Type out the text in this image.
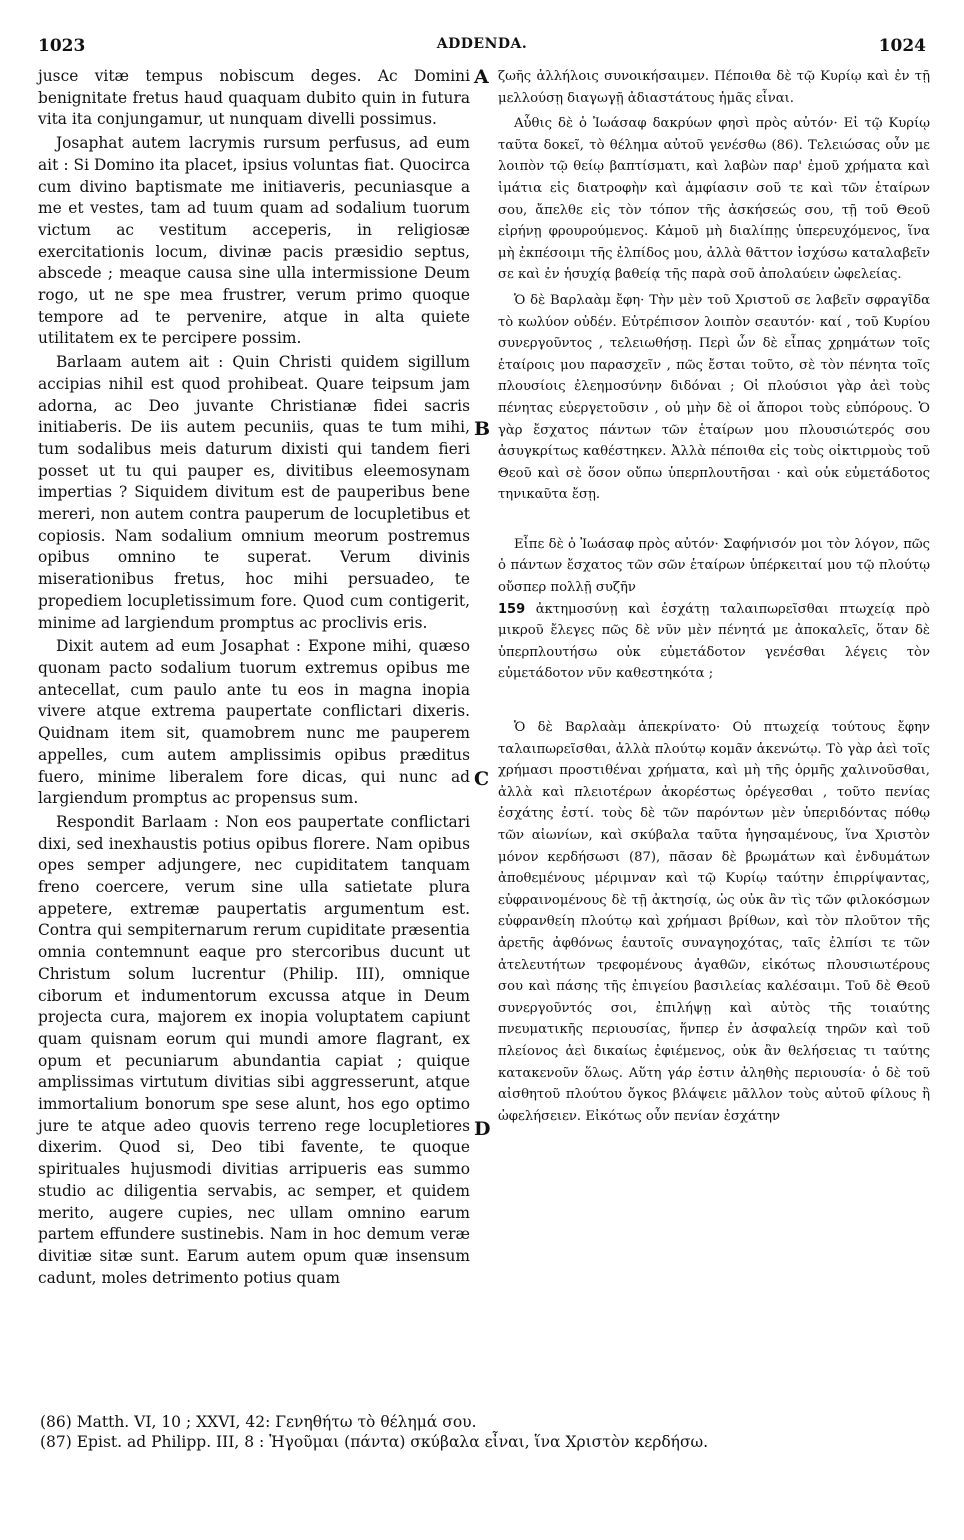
1023	ADDENDA.	1024

jusce vitæ tempus nobiscum deges. Ac Domini benignitate fretus haud quaquam dubito quin in futura vita ita conjungamur, ut nunquam divelli possimus.

Josaphat autem lacrymis rursum perfusus, ad eum ait : Si Domino ita placet, ipsius voluntas fiat. Quocirca cum divino baptismate me initiaveris, pecuniasque a me et vestes, tam ad tuum quam ad sodalium tuorum victum ac vestitum acceperis, in religiosæ exercitationis locum, divinæ pacis præsidio septus, abscede ; meaque causa sine ulla intermissione Deum rogo, ut ne spe mea frustrer, verum primo quoque tempore ad te pervenire, atque in alta quiete utilitatem ex te percipere possim.

Barlaam autem ait : Quin Christi quidem sigillum accipias nihil est quod prohibeat. Quare teipsum jam adorna, ac Deo juvante Christianæ fidei sacris initiaberis. De iis autem pecuniis, quas te tum mihi, tum sodalibus meis daturum dixisti qui tandem fieri posset ut tu qui pauper es, divitibus eleemosynam impertias ? Siquidem divitum est de pauperibus bene mereri, non autem contra pauperum de locupletibus et copiosis. Nam sodalium omnium meorum postremus opibus omnino te superat. Verum divinis miserationibus fretus, hoc mihi persuadeo, te propediem locupletissimum fore. Quod cum contigerit, minime ad largiendum promptus ac proclivis eris.

Dixit autem ad eum Josaphat : Expone mihi, quæso quonam pacto sodalium tuorum extremus opibus me antecellat, cum paulo ante tu eos in magna inopia vivere atque extrema paupertate conflictari dixeris. Quidnam item sit, quamobrem nunc me pauperem appelles, cum autem amplissimis opibus præditus fuero, minime liberalem fore dicas, qui nunc ad largiendum promptus ac propensus sum.

Respondit Barlaam : Non eos paupertate conflictari dixi, sed inexhaustis potius opibus florere. Nam opibus opes semper adjungere, nec cupiditatem tanquam freno coercere, verum sine ulla satietate plura appetere, extremæ paupertatis argumentum est. Contra qui sempiternarum rerum cupiditate præsentia omnia contemnunt eaque pro stercoribus ducunt ut Christum solum lucrentur (Philip. III), omnique ciborum et indumentorum excussa atque in Deum projecta cura, majorem ex inopia voluptatem capiunt quam quisnam eorum qui mundi amore flagrant, ex opum et pecuniarum abundantia capiat ; quique amplissimas virtutum divitias sibi aggresserunt, atque immortalium bonorum spe sese alunt, hos ego optimo jure te atque adeo quovis terreno rege locupletiores dixerim. Quod si, Deo tibi favente, te quoque spirituales hujusmodi divitias arripueris eas summo studio ac diligentia servabis, ac semper, et quidem merito, augere cupies, nec ullam omnino earum partem effundere sustinebis. Nam in hoc demum veræ divitiæ sitæ sunt. Earum autem opum quæ insensum cadunt, moles detrimento potius quam

A
B
C
D

ζωῆς ἀλλήλοις συνοικήσαιμεν. Πέποιθα δὲ τῷ Κυρίῳ καὶ ἐν τῇ μελλούσῃ διαγωγῇ ἀδιαστάτους ἡμᾶς εἶναι.

Αὖθις δὲ ὁ Ἰωάσαφ δακρύων φησὶ πρὸς αὐτόν· Εἰ τῷ Κυρίῳ ταῦτα δοκεῖ, τὸ θέλημα αὐτοῦ γενέσθω (86). Τελειώσας οὖν με λοιπὸν τῷ θείῳ βαπτίσματι, καὶ λαβὼν παρ' ἐμοῦ χρήματα καὶ ἱμάτια εἰς διατροφὴν καὶ ἀμφίασιν σοῦ τε καὶ τῶν ἑταίρων σου, ἄπελθε εἰς τὸν τόπον τῆς ἀσκήσεώς σου, τῇ τοῦ Θεοῦ εἰρήνῃ φρουρούμενος. Κἀμοῦ μὴ διαλίπῃς ὑπερευχόμενος, ἵνα μὴ ἐκπέσοιμι τῆς ἐλπίδος μου, ἀλλὰ θᾶττον ἰσχύσω καταλαβεῖν σε καὶ ἐν ἡσυχίᾳ βαθείᾳ τῆς παρὰ σοῦ ἀπολαύειν ὠφελείας.

Ὁ δὲ Βαρλαὰμ ἔφη· Τὴν μὲν τοῦ Χριστοῦ σε λαβεῖν σφραγῖδα τὸ κωλύον οὐδέν. Εὐτρέπισον λοιπὸν σεαυτόν· καί , τοῦ Κυρίου συνεργοῦντος , τελειωθήσῃ. Περὶ ὧν δὲ εἶπας χρημάτων τοῖς ἑταίροις μου παρασχεῖν , πῶς ἔσται τοῦτο, σὲ τὸν πένητα τοῖς πλουσίοις ἐλεημοσύνην διδόναι ; Οἱ πλούσιοι γὰρ ἀεὶ τοὺς πένητας εὐεργετοῦσιν , οὐ μὴν δὲ οἱ ἄποροι τοὺς εὐπόρους. Ὁ γὰρ ἔσχατος πάντων τῶν ἑταίρων μου πλουσιώτερός σου ἀσυγκρίτως καθέστηκεν. Ἀλλὰ πέποιθα εἰς τοὺς οἰκτιρμοὺς τοῦ Θεοῦ καὶ σὲ ὅσον οὔπω ὑπερπλουτῆσαι · καὶ οὐκ εὐμετάδοτος τηνικαῦτα ἔσῃ.

Εἶπε δὲ ὁ Ἰωάσαφ πρὸς αὐτόν· Σαφήνισόν μοι τὸν λόγον, πῶς ὁ πάντων ἔσχατος τῶν σῶν ἑταίρων ὑπέρκειταί μου τῷ πλούτῳ οὔσπερ πολλῇ συζῆν

159 ἀκτημοσύνῃ καὶ ἐσχάτῃ ταλαιπωρεῖσθαι πτωχείᾳ πρὸ μικροῦ ἔλεγες πῶς δὲ νῦν μὲν πένητά με ἀποκαλεῖς, ὅταν δὲ ὑπερπλουτήσω οὐκ εὐμετάδοτον γενέσθαι λέγεις τὸν εὐμετάδοτον νῦν καθεστηκότα ;

Ὁ δὲ Βαρλαὰμ ἀπεκρίνατο· Οὐ πτωχείᾳ τούτους ἔφην ταλαιπωρεῖσθαι, ἀλλὰ πλούτῳ κομᾶν ἀκενώτῳ. Τὸ γὰρ ἀεὶ τοῖς χρήμασι προστιθέναι χρήματα, καὶ μὴ τῆς ὁρμῆς χαλινοῦσθαι, ἀλλὰ καὶ πλειοτέρων ἀκορέστως ὀρέγεσθαι , τοῦτο πενίας ἐσχάτης ἐστί. τοὺς δὲ τῶν παρόντων μὲν ὑπεριδόντας πόθῳ τῶν αἰωνίων, καὶ σκύβαλα ταῦτα ἡγησαμένους, ἵνα Χριστὸν μόνον κερδήσωσι (87), πᾶσαν δὲ βρωμάτων καὶ ἐνδυμάτων ἀποθεμένους μέριμναν καὶ τῷ Κυρίῳ ταύτην ἐπιρρίψαντας, εὐφραινομένους δὲ τῇ ἀκτησίᾳ, ὡς οὐκ ἂν τὶς τῶν φιλοκόσμων εὐφρανθείη πλούτῳ καὶ χρήμασι βρίθων, καὶ τὸν πλοῦτον τῆς ἀρετῆς ἀφθόνως ἑαυτοῖς συναγηοχότας, ταῖς ἐλπίσι τε τῶν ἀτελευτήτων τρεφομένους ἀγαθῶν, εἰκότως πλουσιωτέρους σου καὶ πάσης τῆς ἐπιγείου βασιλείας καλέσαιμι. Τοῦ δὲ Θεοῦ συνεργοῦντός σοι, ἐπιλήψῃ καὶ αὐτὸς τῆς τοιαύτης πνευματικῆς περιουσίας, ἥνπερ ἐν ἀσφαλείᾳ τηρῶν καὶ τοῦ πλείονος ἀεὶ δικαίως ἐφιέμενος, οὐκ ἂν θελήσειας τι ταύτης κατακενοῦν ὅλως. Αὕτη γάρ ἐστιν ἀληθὴς περιουσία· ὁ δὲ τοῦ αἰσθητοῦ πλούτου ὄγκος βλάψειε μᾶλλον τοὺς αὐτοῦ φίλους ἢ ὠφελήσειεν. Εἰκότως οὖν πενίαν ἐσχάτην

(86) Matth. VI, 10 ; XXVI, 42: Γενηθήτω τὸ θέλημά σου.
(87) Epist. ad Philipp. III, 8 : Ἡγοῦμαι (πάντα) σκύβαλα εἶναι, ἵνα Χριστὸν κερδήσω.
